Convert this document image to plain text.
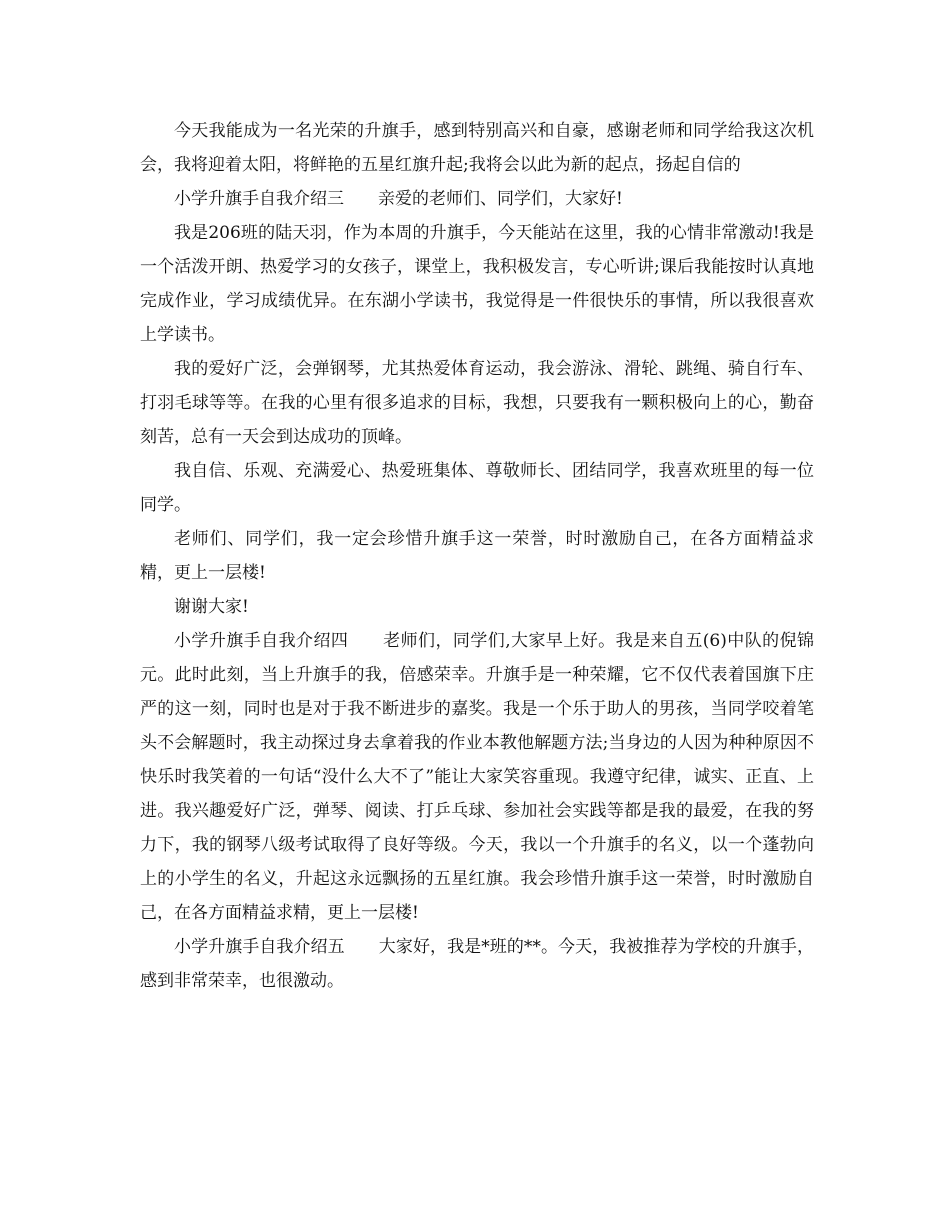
今天我能成为一名光荣的升旗手，感到特别高兴和自豪，感谢老师和同学给我这次机会，我将迎着太阳，将鲜艳的五星红旗升起;我将会以此为新的起点，扬起自信的

小学升旗手自我介绍三　　亲爱的老师们、同学们，大家好!

我是206班的陆天羽，作为本周的升旗手，今天能站在这里，我的心情非常激动!我是一个活泼开朗、热爱学习的女孩子，课堂上，我积极发言，专心听讲;课后我能按时认真地完成作业，学习成绩优异。在东湖小学读书，我觉得是一件很快乐的事情，所以我很喜欢上学读书。

我的爱好广泛，会弹钢琴，尤其热爱体育运动，我会游泳、滑轮、跳绳、骑自行车、打羽毛球等等。在我的心里有很多追求的目标，我想，只要我有一颗积极向上的心，勤奋刻苦，总有一天会到达成功的顶峰。

我自信、乐观、充满爱心、热爱班集体、尊敬师长、团结同学，我喜欢班里的每一位同学。

老师们、同学们，我一定会珍惜升旗手这一荣誉，时时激励自己，在各方面精益求精，更上一层楼!

谢谢大家!

小学升旗手自我介绍四　　老师们，同学们,大家早上好。我是来自五(6)中队的倪锦元。此时此刻，当上升旗手的我，倍感荣幸。升旗手是一种荣耀，它不仅代表着国旗下庄严的这一刻，同时也是对于我不断进步的嘉奖。我是一个乐于助人的男孩，当同学咬着笔头不会解题时，我主动探过身去拿着我的作业本教他解题方法;当身边的人因为种种原因不快乐时我笑着的一句话“没什么大不了”能让大家笑容重现。我遵守纪律，诚实、正直、上进。我兴趣爱好广泛，弹琴、阅读、打乒乓球、参加社会实践等都是我的最爱，在我的努力下，我的钢琴八级考试取得了良好等级。今天，我以一个升旗手的名义，以一个蓬勃向上的小学生的名义，升起这永远飘扬的五星红旗。我会珍惜升旗手这一荣誉，时时激励自己，在各方面精益求精，更上一层楼!

小学升旗手自我介绍五　　大家好，我是*班的**。今天，我被推荐为学校的升旗手，感到非常荣幸，也很激动。
